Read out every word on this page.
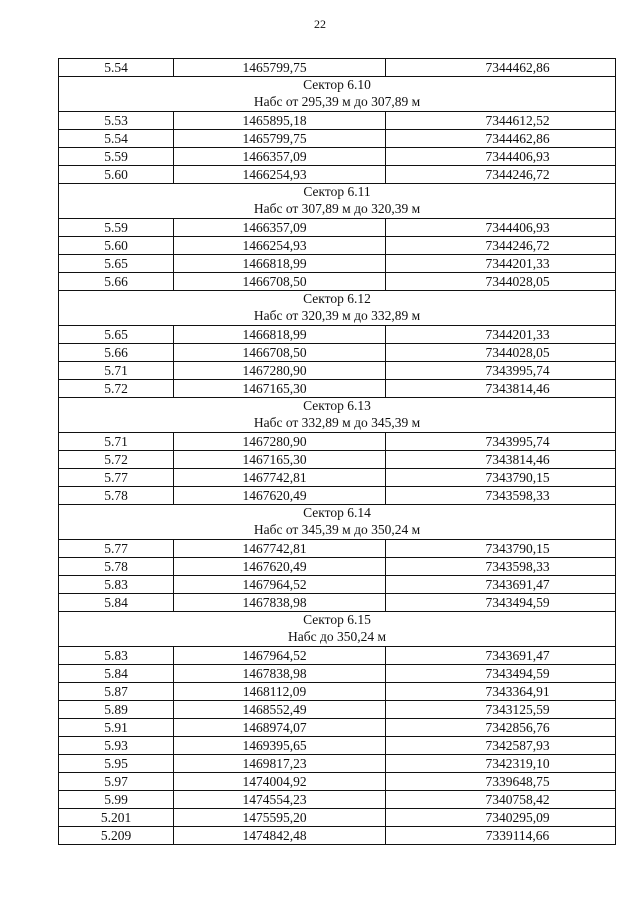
22
5.54	1465799,75	7344462,86

Сектор 6.10
Набс от 295,39 м до 307,89 м		

5.53	1465895,18	7344612,52
5.54	1465799,75	7344462,86
5.59	1466357,09	7344406,93
5.60	1466254,93	7344246,72

Сектор 6.11
Набс от 307,89 м до 320,39 м		

5.59	1466357,09	7344406,93
5.60	1466254,93	7344246,72
5.65	1466818,99	7344201,33
5.66	1466708,50	7344028,05

Сектор 6.12
Набс от 320,39 м до 332,89 м		

5.65	1466818,99	7344201,33
5.66	1466708,50	7344028,05
5.71	1467280,90	7343995,74
5.72	1467165,30	7343814,46

Сектор 6.13
Набс от 332,89 м до 345,39 м		

5.71	1467280,90	7343995,74
5.72	1467165,30	7343814,46
5.77	1467742,81	7343790,15
5.78	1467620,49	7343598,33

Сектор 6.14
Набс от 345,39 м до 350,24 м		

5.77	1467742,81	7343790,15
5.78	1467620,49	7343598,33
5.83	1467964,52	7343691,47
5.84	1467838,98	7343494,59

Сектор 6.15
Набс до 350,24 м		

5.83	1467964,52	7343691,47
5.84	1467838,98	7343494,59
5.87	1468112,09	7343364,91
5.89	1468552,49	7343125,59
5.91	1468974,07	7342856,76
5.93	1469395,65	7342587,93
5.95	1469817,23	7342319,10
5.97	1474004,92	7339648,75
5.99	1474554,23	7340758,42
5.201	1475595,20	7340295,09
5.209	1474842,48	7339114,66
